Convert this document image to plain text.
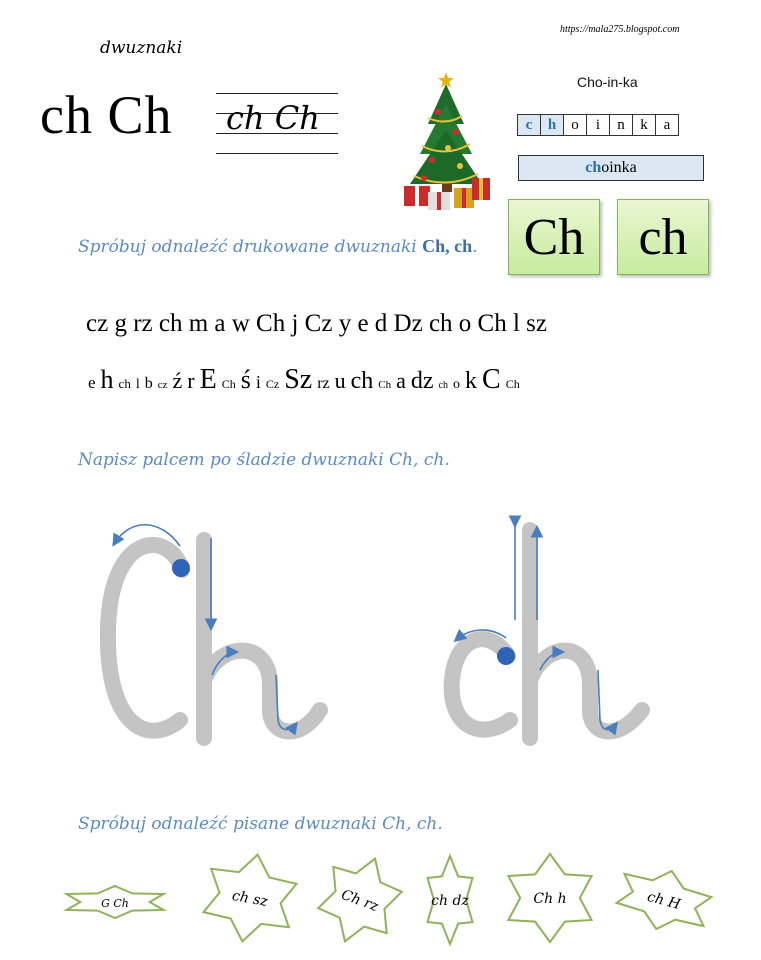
https://mala275.blogspot.com
dwuznaki
ch Ch ch Ch
Cho-in-ka
c	h	o	i	n	k	a
ch oinka
Spróbuj odnaleźć drukowane dwuznaki Ch, ch. Ch	ch
cz g rz ch m a w Ch j Cz y e d Dz ch o Ch l sz
e h ch l b cz ź r E Ch ś i Cz Sz rz u ch Ch a dz ch o k C Ch
Napisz palcem po śladzie dwuznaki Ch, ch.
Spróbuj odnaleźć pisane dwuznaki Ch, ch.
G Ch	ch sz	Ch rz	ch dz	Ch h	ch H
